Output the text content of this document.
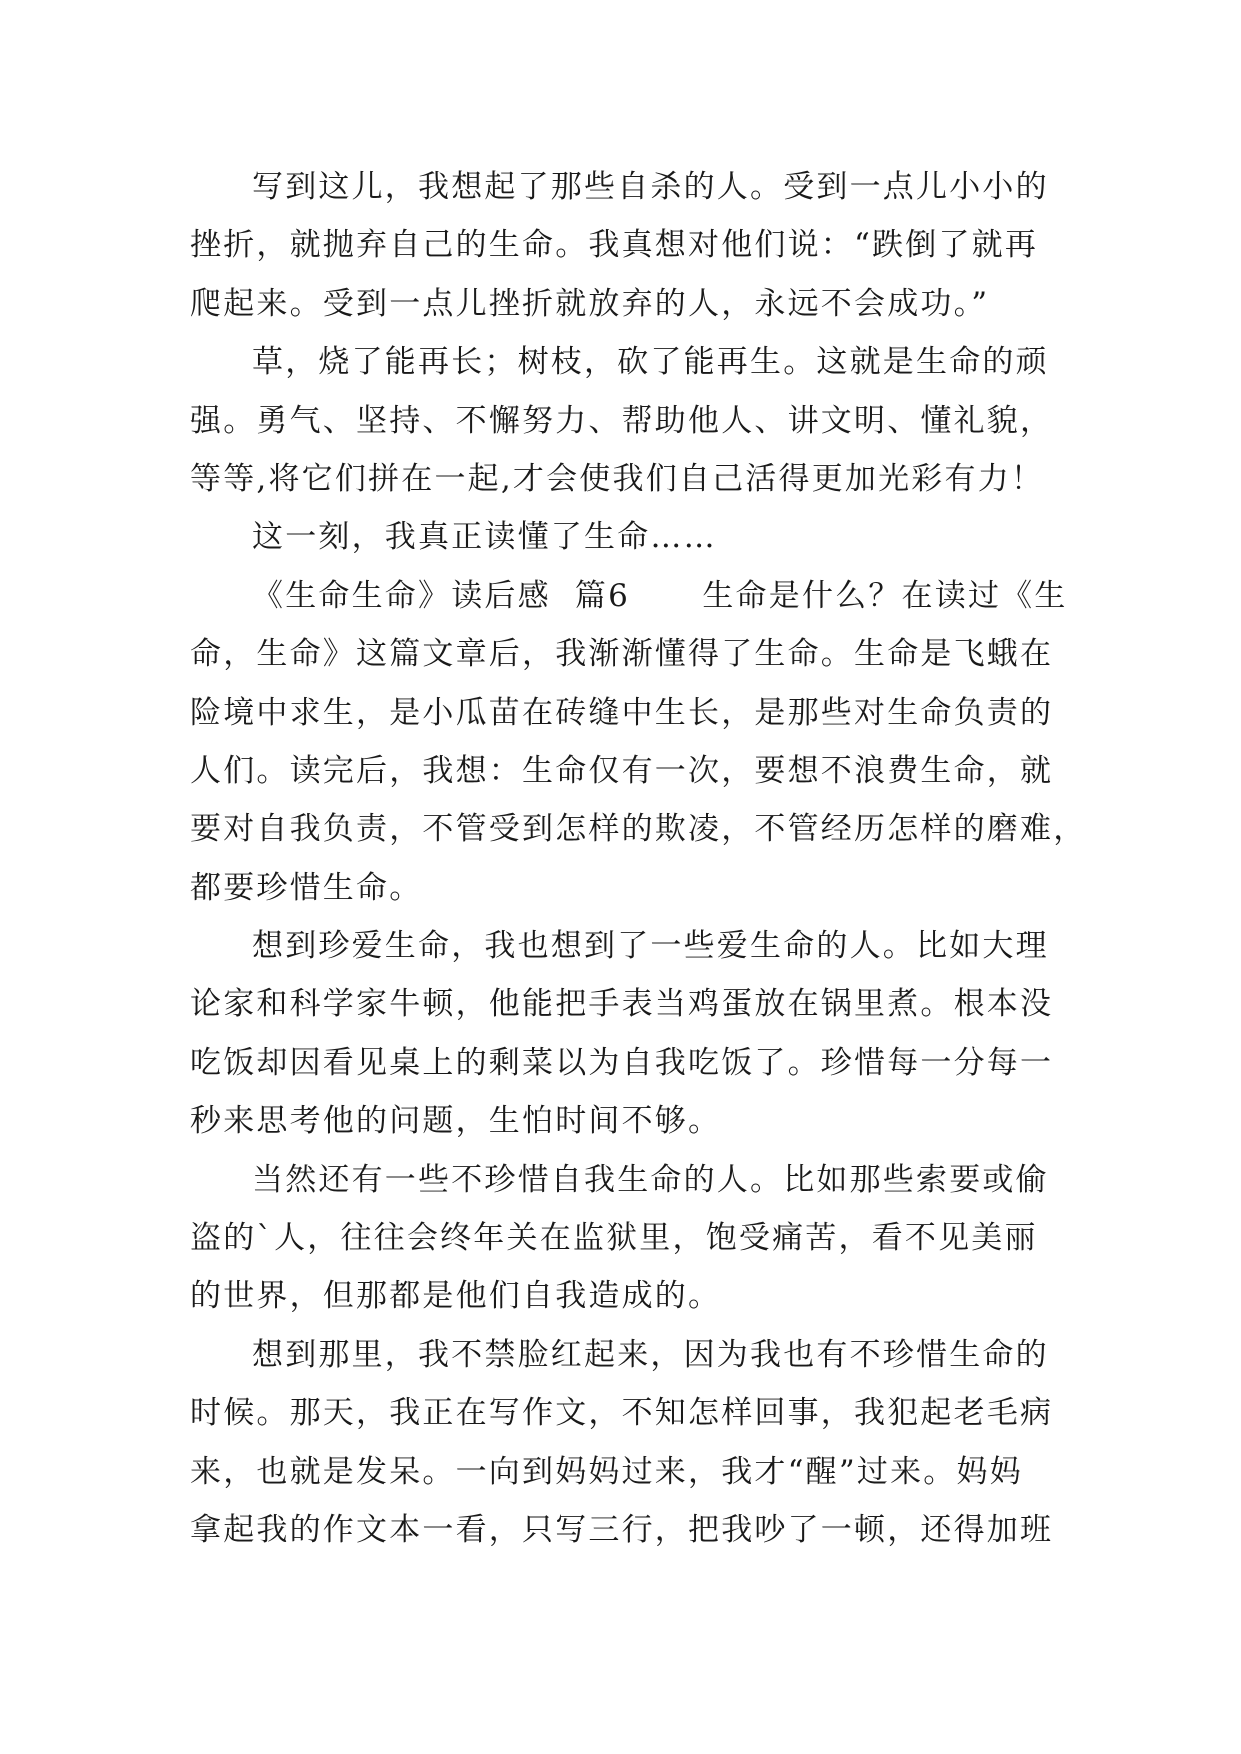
写到这儿，我想起了那些自杀的人。受到一点儿小小的
挫折，就抛弃自己的生命。我真想对他们说：“跌倒了就再
爬起来。受到一点儿挫折就放弃的人，永远不会成功。”
草，烧了能再长；树枝，砍了能再生。这就是生命的顽
强。勇气、坚持、不懈努力、帮助他人、讲文明、懂礼貌，
等等,将它们拼在一起,才会使我们自己活得更加光彩有力！
这一刻，我真正读懂了生命……
《生命生命》读后感  篇6      生命是什么？在读过《生
命，生命》这篇文章后，我渐渐懂得了生命。生命是飞蛾在
险境中求生，是小瓜苗在砖缝中生长，是那些对生命负责的
人们。读完后，我想：生命仅有一次，要想不浪费生命，就
要对自我负责，不管受到怎样的欺凌，不管经历怎样的磨难，
都要珍惜生命。
想到珍爱生命，我也想到了一些爱生命的人。比如大理
论家和科学家牛顿，他能把手表当鸡蛋放在锅里煮。根本没
吃饭却因看见桌上的剩菜以为自我吃饭了。珍惜每一分每一
秒来思考他的问题，生怕时间不够。
当然还有一些不珍惜自我生命的人。比如那些索要或偷
盗的`人，往往会终年关在监狱里，饱受痛苦，看不见美丽
的世界，但那都是他们自我造成的。
想到那里，我不禁脸红起来，因为我也有不珍惜生命的
时候。那天，我正在写作文，不知怎样回事，我犯起老毛病
来，也就是发呆。一向到妈妈过来，我才“醒”过来。妈妈
拿起我的作文本一看，只写三行，把我吵了一顿，还得加班
